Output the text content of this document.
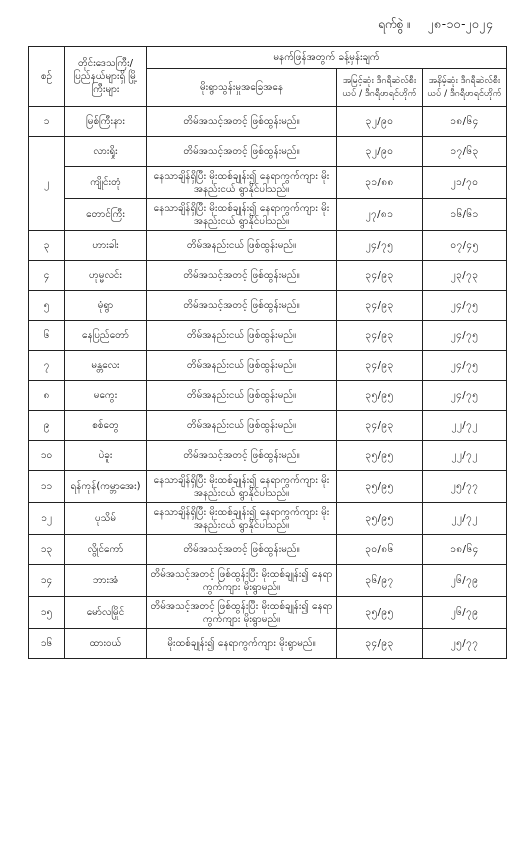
ရက်စွဲ ။ ၂၈-၁၀-၂၀၂၄
စဉ်	တိုင်းဒေသကြီး/ ပြည်နယ်များရှိ မြို့ကြီးများ	မနက်ဖြန်အတွက် ခန့်မှန်းချက်		
		မိုးရွာသွန်းမှုအခြေအနေ	အမြင့်ဆုံး ဒီဂရီဆဲလ်စီးယပ် / ဒီဂရီဖာရင်ဟိုက်	အနိမ့်ဆုံး ဒီဂရီဆဲလ်စီးယပ် / ဒီဂရီဖာရင်ဟိုက်
၁	မြစ်ကြီးနား	တိမ်အသင့်အတင့် ဖြစ်ထွန်းမည်။	၃၂/၉၀	၁၈/၆၄
၂	လားရှိုး	တိမ်အသင့်အတင့် ဖြစ်ထွန်းမည်။	၃၂/၉၀	၁၇/၆၃
	ကျိုင်းတုံ	နေသာချိန်ရှိပြီး မိုးထစ်ချုန်း၍ နေရာကွက်ကျား မိုးအနည်းငယ် ရွာနိုင်ပါသည်။	၃၁/၈၈	၂၁/၇၀
	တောင်ကြီး	နေသာချိန်ရှိပြီး မိုးထစ်ချုန်း၍ နေရာကွက်ကျား မိုးအနည်းငယ် ရွာနိုင်ပါသည်။	၂၇/၈၁	၁၆/၆၁
၃	ဟားခါး	တိမ်အနည်းငယ် ဖြစ်ထွန်းမည်။	၂၄/၇၅	၀၇/၄၅
၄	ဟုမ္မလင်း	တိမ်အသင့်အတင့် ဖြစ်ထွန်းမည်။	၃၄/၉၃	၂၃/၇၃
၅	မုံရွာ	တိမ်အသင့်အတင့် ဖြစ်ထွန်းမည်။	၃၄/၉၃	၂၄/၇၅
၆	နေပြည်တော်	တိမ်အနည်းငယ် ဖြစ်ထွန်းမည်။	၃၄/၉၃	၂၄/၇၅
၇	မန္တလေး	တိမ်အနည်းငယ် ဖြစ်ထွန်းမည်။	၃၄/၉၃	၂၄/၇၅
၈	မကွေး	တိမ်အနည်းငယ် ဖြစ်ထွန်းမည်။	၃၅/၉၅	၂၄/၇၅
၉	စစ်တွေ	တိမ်အနည်းငယ် ဖြစ်ထွန်းမည်။	၃၄/၉၃	၂၂/၇၂
၁၀	ပဲခူး	တိမ်အသင့်အတင့် ဖြစ်ထွန်းမည်။	၃၅/၉၅	၂၂/၇၂
၁၁	ရန်ကုန်(ကမ္ဘာအေး)	နေသာချိန်ရှိပြီး မိုးထစ်ချုန်း၍ နေရာကွက်ကျား မိုးအနည်းငယ် ရွာနိုင်ပါသည်။	၃၅/၉၅	၂၅/၇၇
၁၂	ပုသိမ်	နေသာချိန်ရှိပြီး မိုးထစ်ချုန်း၍ နေရာကွက်ကျား မိုးအနည်းငယ် ရွာနိုင်ပါသည်။	၃၅/၉၅	၂၂/၇၂
၁၃	လွိုင်ကော်	တိမ်အသင့်အတင့် ဖြစ်ထွန်းမည်။	၃၀/၈၆	၁၈/၆၄
၁၄	ဘားအံ	တိမ်အသင့်အတင့် ဖြစ်ထွန်းပြီး မိုးထစ်ချုန်း၍ နေရာကွက်ကျား မိုးရွာမည်။	၃၆/၉၇	၂၆/၇၉
၁၅	မော်လမြိုင်	တိမ်အသင့်အတင့် ဖြစ်ထွန်းပြီး မိုးထစ်ချုန်း၍ နေရာကွက်ကျား မိုးရွာမည်။	၃၅/၉၅	၂၆/၇၉
၁၆	ထားဝယ်	မိုးထစ်ချုန်း၍ နေရာကွက်ကျား မိုးရွာမည်။	၃၄/၉၃	၂၅/၇၇
